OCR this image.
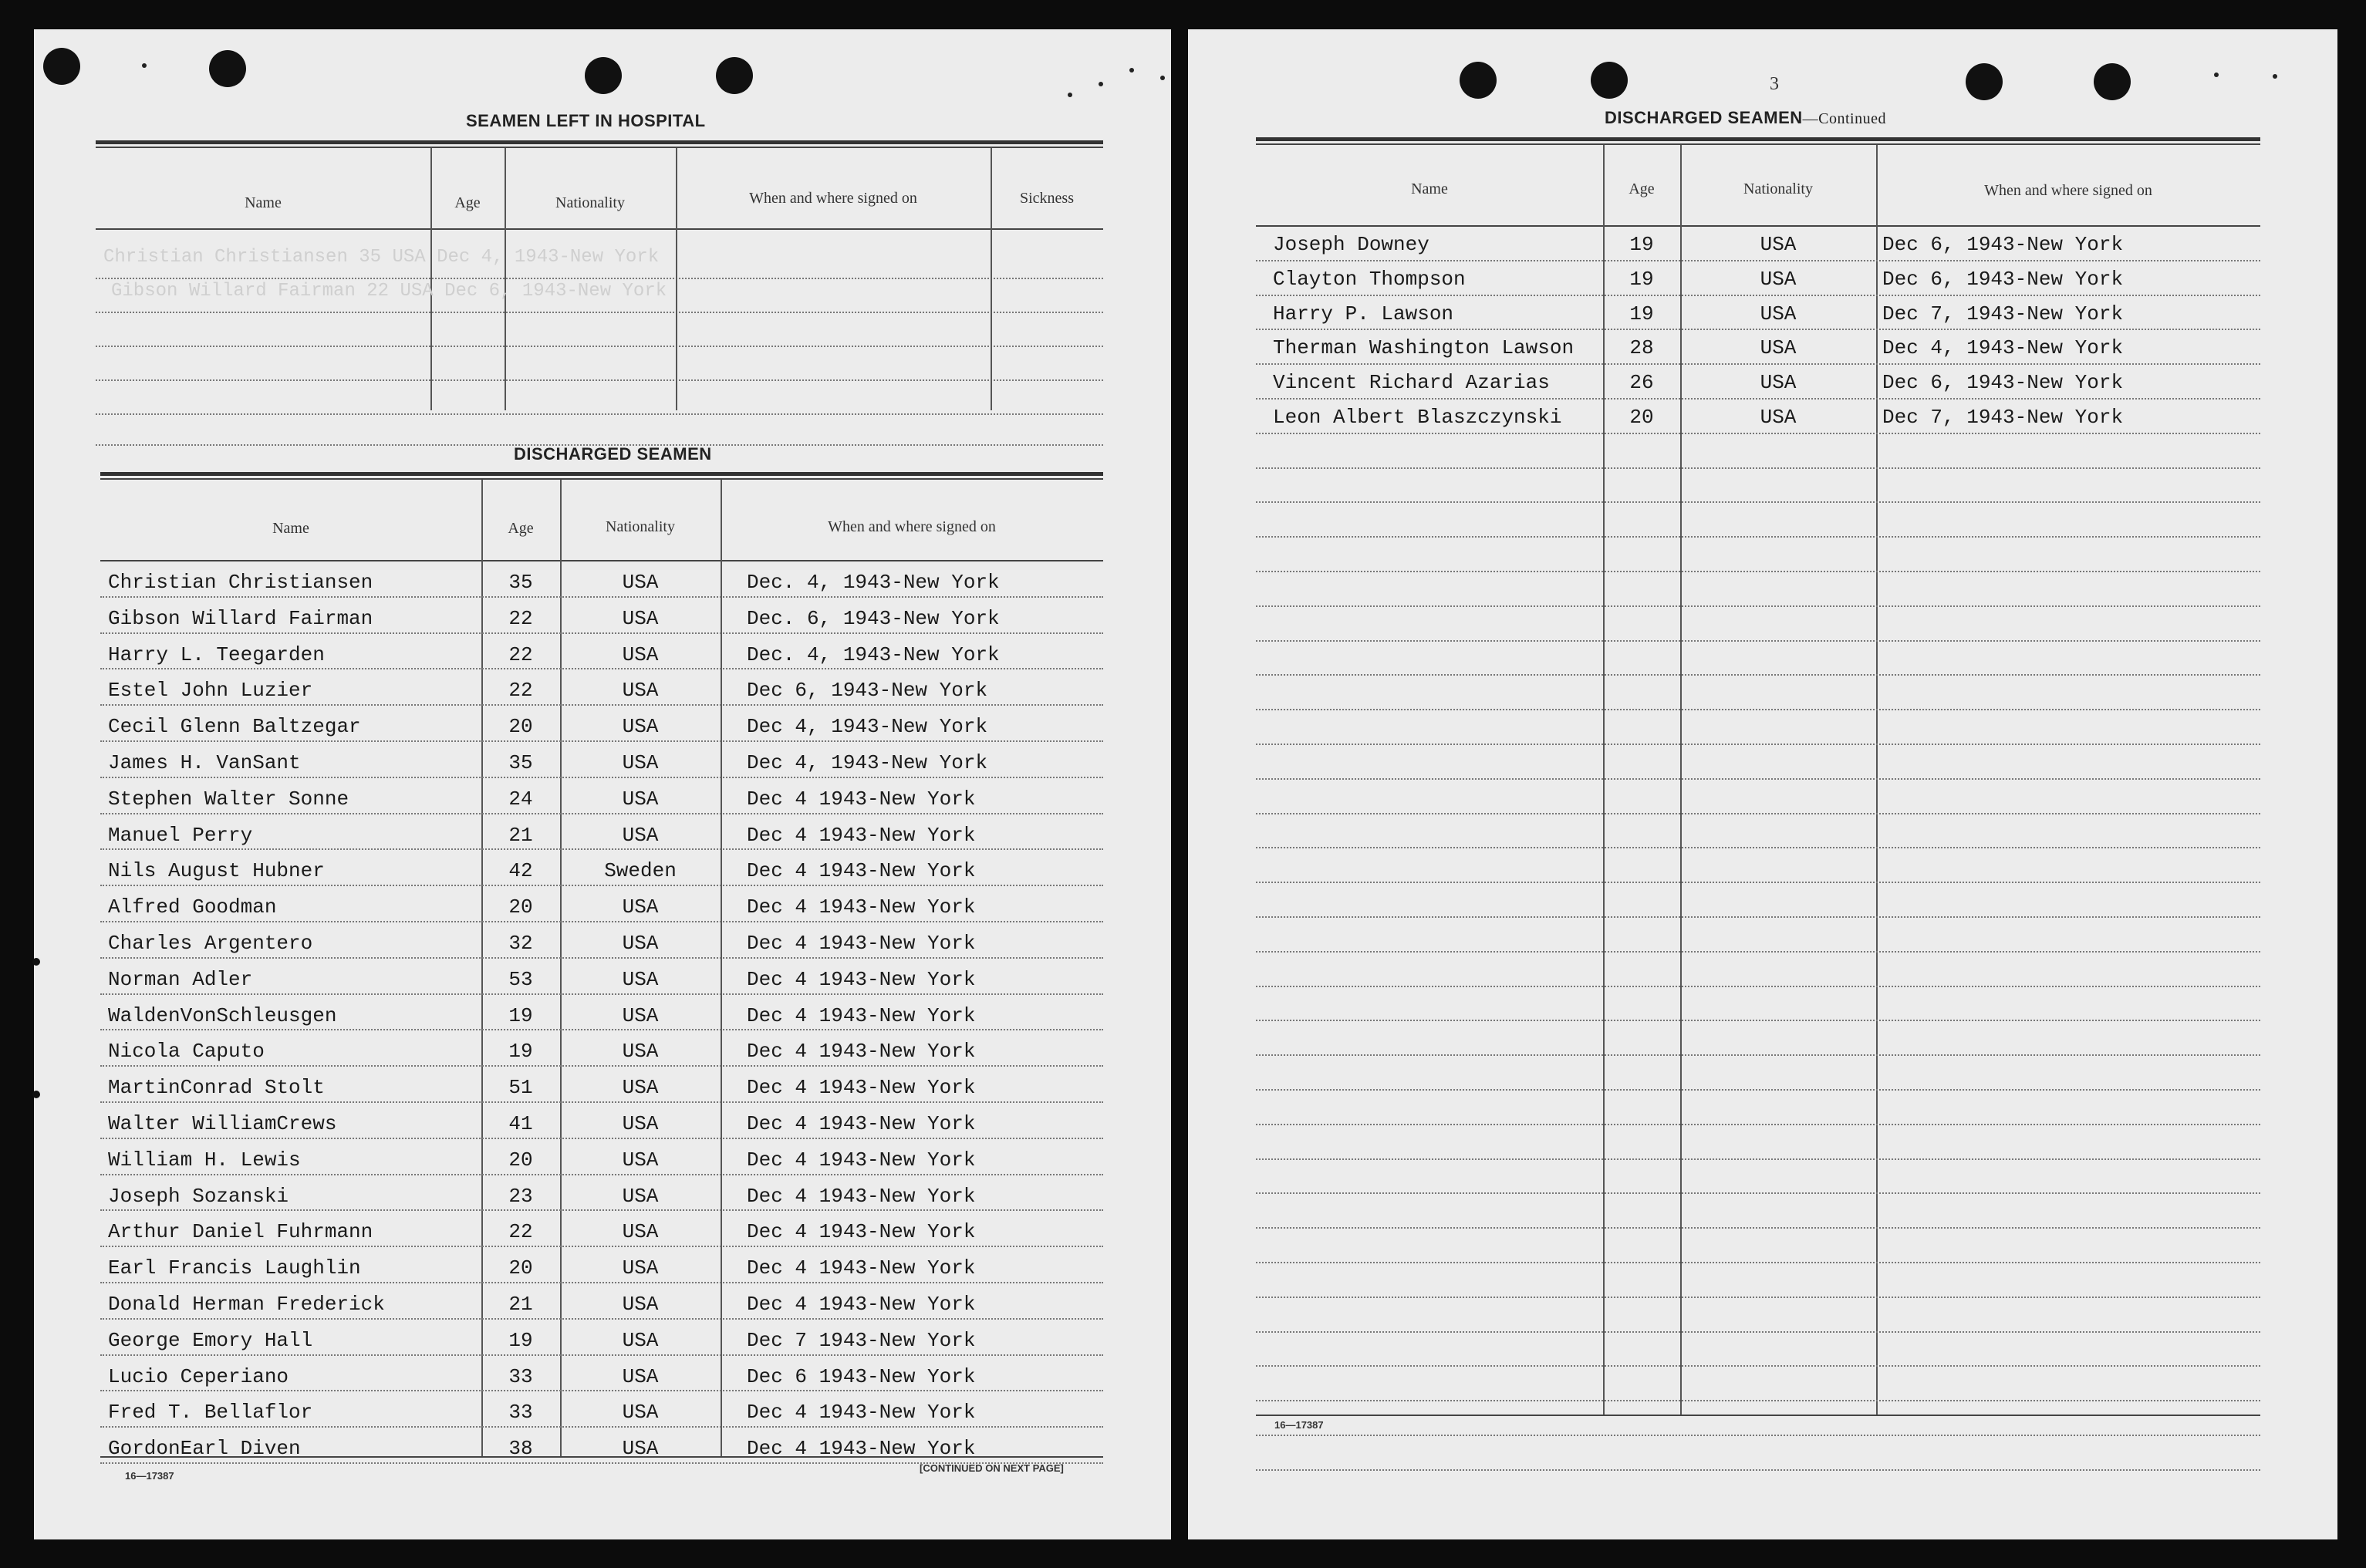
SEAMEN LEFT IN HOSPITAL
Name	Age	Nationality	When and where signed on	Sickness
Christian Christiansen 35 USA Dec 4, 1943-New York
Gibson Willard Fairman 22 USA Dec 6, 1943-New York
DISCHARGED SEAMEN
Name	Age	Nationality	When and where signed on
Christian Christiansen	35	USA	Dec. 4, 1943-New York
Gibson Willard Fairman	22	USA	Dec. 6, 1943-New York
Harry L. Teegarden	22	USA	Dec. 4, 1943-New York
Estel John Luzier	22	USA	Dec 6, 1943-New York
Cecil Glenn Baltzegar	20	USA	Dec 4, 1943-New York
James H. VanSant	35	USA	Dec 4, 1943-New York
Stephen Walter Sonne	24	USA	Dec 4 1943-New York
Manuel Perry	21	USA	Dec 4 1943-New York
Nils August Hubner	42	Sweden	Dec 4 1943-New York
Alfred Goodman	20	USA	Dec 4 1943-New York
Charles Argentero	32	USA	Dec 4 1943-New York
Norman Adler	53	USA	Dec 4 1943-New York
WaldenVonSchleusgen	19	USA	Dec 4 1943-New York
Nicola Caputo	19	USA	Dec 4 1943-New York
MartinConrad Stolt	51	USA	Dec 4 1943-New York
Walter WilliamCrews	41	USA	Dec 4 1943-New York
William H. Lewis	20	USA	Dec 4 1943-New York
Joseph Sozanski	23	USA	Dec 4 1943-New York
Arthur Daniel Fuhrmann	22	USA	Dec 4 1943-New York
Earl Francis Laughlin	20	USA	Dec 4 1943-New York
Donald Herman Frederick	21	USA	Dec 4 1943-New York
George Emory Hall	19	USA	Dec 7 1943-New York
Lucio Ceperiano	33	USA	Dec 6 1943-New York
Fred T. Bellaflor	33	USA	Dec 4 1943-New York
GordonEarl Diven	38	USA	Dec 4 1943-New York
16—17387
[CONTINUED ON NEXT PAGE]
3
DISCHARGED SEAMEN—Continued
Name	Age	Nationality	When and where signed on
Joseph Downey	19	USA	Dec 6, 1943-New York
Clayton Thompson	19	USA	Dec 6, 1943-New York
Harry P. Lawson	19	USA	Dec 7, 1943-New York
Therman Washington Lawson	28	USA	Dec 4, 1943-New York
Vincent Richard Azarias	26	USA	Dec 6, 1943-New York
Leon Albert Blaszczynski	20	USA	Dec 7, 1943-New York
16—17387
